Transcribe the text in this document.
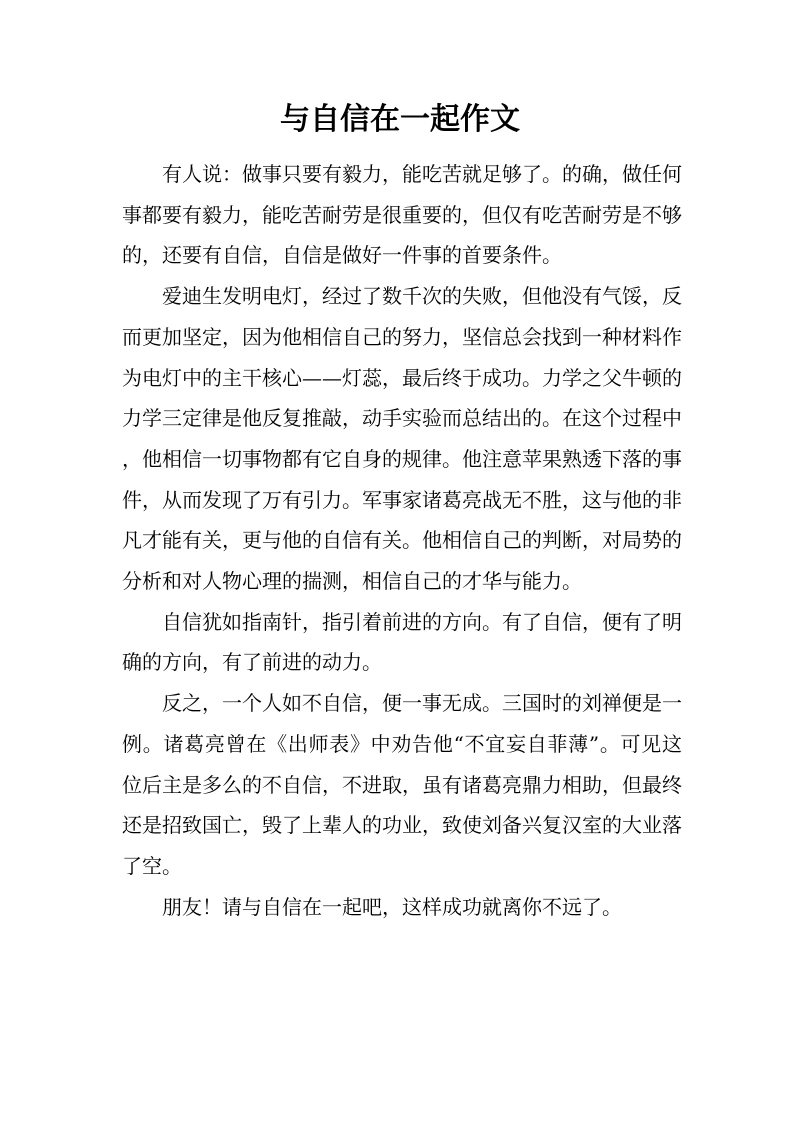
与自信在一起作文

有人说：做事只要有毅力，能吃苦就足够了。的确，做任何事都要有毅力，能吃苦耐劳是很重要的，但仅有吃苦耐劳是不够的，还要有自信，自信是做好一件事的首要条件。

爱迪生发明电灯，经过了数千次的失败，但他没有气馁，反而更加坚定，因为他相信自己的努力，坚信总会找到一种材料作为电灯中的主干核心——灯蕊，最后终于成功。力学之父牛顿的力学三定律是他反复推敲，动手实验而总结出的。在这个过程中，他相信一切事物都有它自身的规律。他注意苹果熟透下落的事件，从而发现了万有引力。军事家诸葛亮战无不胜，这与他的非凡才能有关，更与他的自信有关。他相信自己的判断，对局势的分析和对人物心理的揣测，相信自己的才华与能力。

自信犹如指南针，指引着前进的方向。有了自信，便有了明确的方向，有了前进的动力。

反之，一个人如不自信，便一事无成。三国时的刘禅便是一例。诸葛亮曾在《出师表》中劝告他“不宜妄自菲薄”。可见这位后主是多么的不自信，不进取，虽有诸葛亮鼎力相助，但最终还是招致国亡，毁了上辈人的功业，致使刘备兴复汉室的大业落了空。

朋友！请与自信在一起吧，这样成功就离你不远了。
